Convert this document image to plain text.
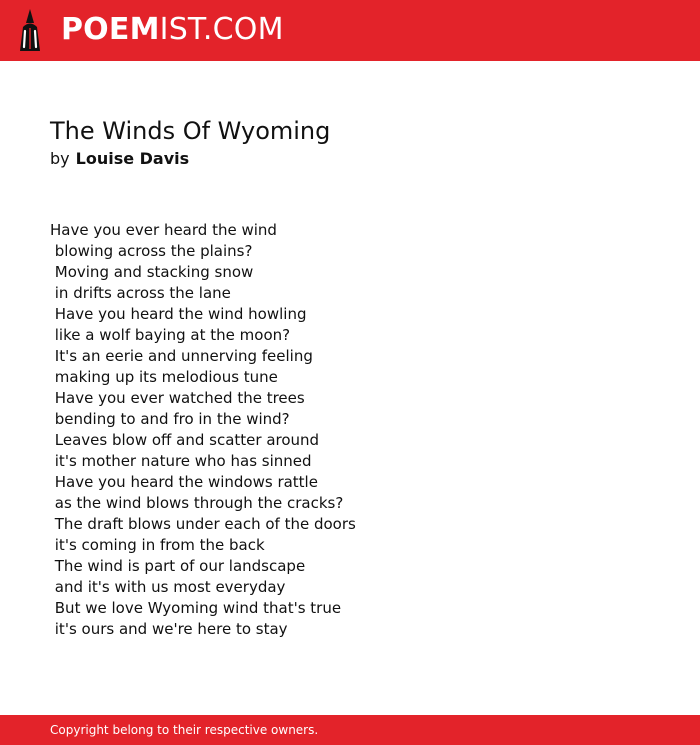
POEMIST.COM
The Winds Of Wyoming
by Louise Davis
Have you ever heard the wind
blowing across the plains?
Moving and stacking snow
in drifts across the lane
Have you heard the wind howling
like a wolf baying at the moon?
It's an eerie and unnerving feeling
making up its melodious tune
Have you ever watched the trees
bending to and fro in the wind?
Leaves blow off and scatter around
it's mother nature who has sinned
Have you heard the windows rattle
as the wind blows through the cracks?
The draft blows under each of the doors
it's coming in from the back
The wind is part of our landscape
and it's with us most everyday
But we love Wyoming wind that's true
it's ours and we're here to stay
Copyright belong to their respective owners.
